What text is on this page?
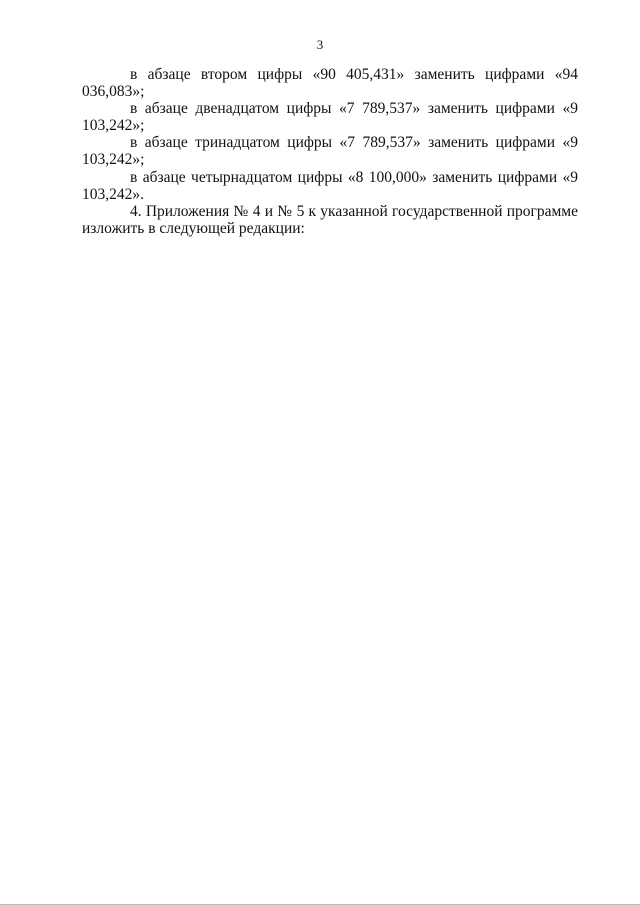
3

в абзаце втором цифры «90 405,431» заменить цифрами «94 036,083»;

в абзаце двенадцатом цифры «7 789,537» заменить цифрами «9 103,242»;

в абзаце тринадцатом цифры «7 789,537» заменить цифрами «9 103,242»;

в абзаце четырнадцатом цифры «8 100,000» заменить цифрами «9 103,242».

4. Приложения № 4 и № 5 к указанной государственной программе изложить в следующей редакции:
